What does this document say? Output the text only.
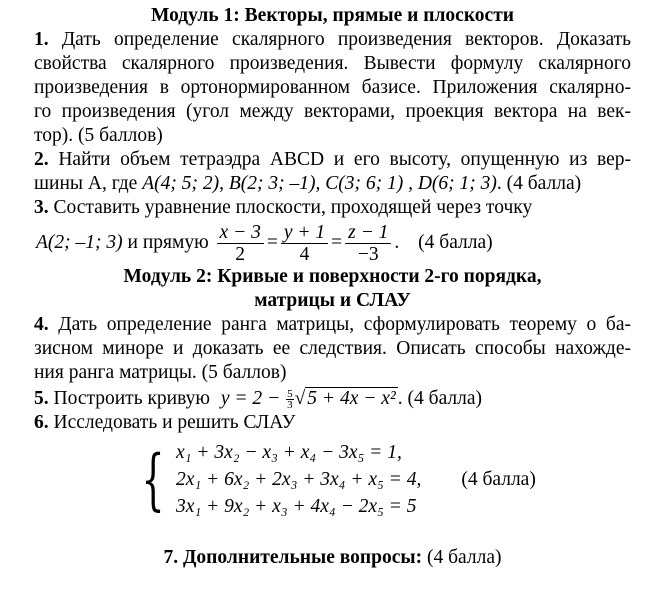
Модуль 1: Векторы, прямые и плоскости
1. Дать определение скалярного произведения векторов. Доказать
свойства скалярного произведения. Вывести формулу скалярного
произведения в ортонормированном базисе. Приложения скалярно-
го произведения (угол между векторами, проекция вектора на век-
тор). (5 баллов)
2. Найти объем тетраэдра ABCD и его высоту, опущенную из вер-
шины A, где A(4; 5; 2), B(2; 3; –1), C(3; 6; 1) , D(6; 1; 3). (4 балла)
3. Составить уравнение плоскости, проходящей через точку
A(2; –1; 3) и прямую $\frac{x - 3}{2} = \frac{y + 1}{4} = \frac{z - 1}{-3}$ . (4 балла)
Модуль 2: Кривые и поверхности 2-го порядка,
матрицы и СЛАУ
4. Дать определение ранга матрицы, сформулировать теорему о ба-
зисном миноре и доказать ее следствия. Описать способы нахожде-
ния ранга матрицы. (5 баллов)
5. Построить кривую $y = 2 - \frac{5}{3}$ √ 5 + 4x − x² . (4 балла)
6. Исследовать и решить СЛАУ
{ x₁ + 3x₂ − x₃ + x₄ − 3x₅ = 1,
2x₁ + 6x₂ + 2x₃ + 3x₄ + x₅ = 4,
3x₁ + 9x₂ + x₃ + 4x₄ − 2x₅ = 5
(4 балла)
7. Дополнительные вопросы: (4 балла)
